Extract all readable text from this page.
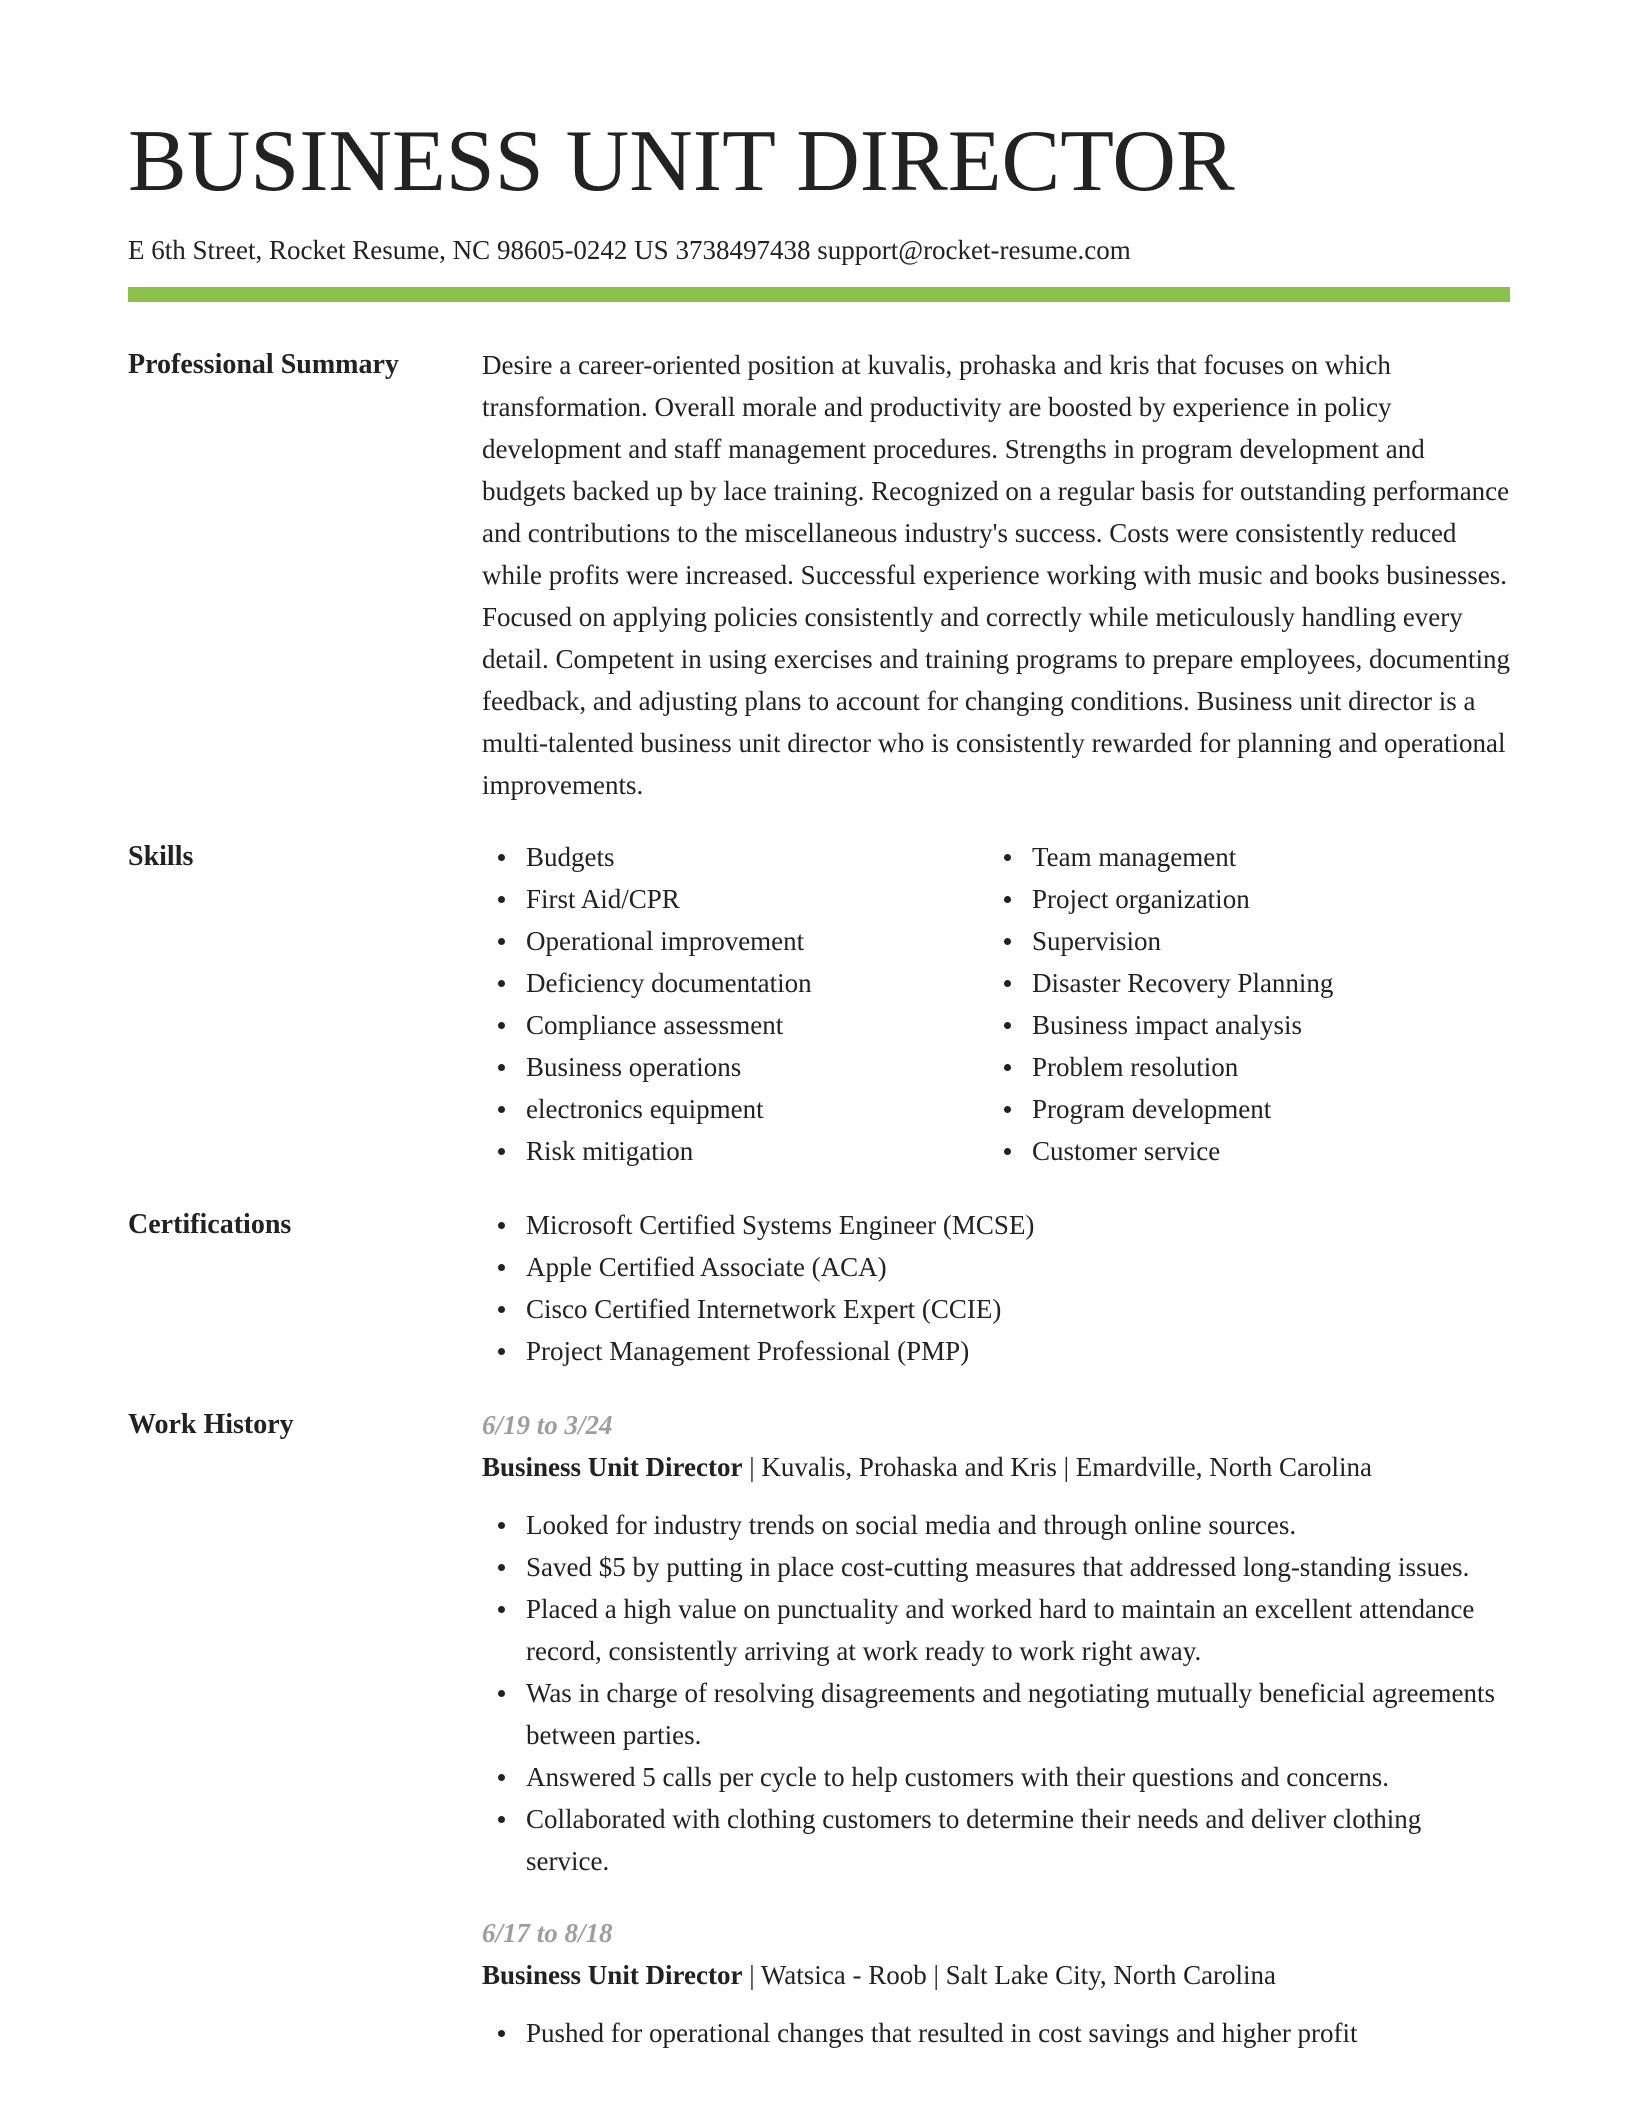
BUSINESS UNIT DIRECTOR
E 6th Street, Rocket Resume, NC 98605-0242 US 3738497438 support@rocket-resume.com
Professional Summary	Desire a career-oriented position at kuvalis, prohaska and kris that focuses on which transformation. Overall morale and productivity are boosted by experience in policy development and staff management procedures. Strengths in program development and budgets backed up by lace training. Recognized on a regular basis for outstanding performance and contributions to the miscellaneous industry's success. Costs were consistently reduced while profits were increased. Successful experience working with music and books businesses. Focused on applying policies consistently and correctly while meticulously handling every detail. Competent in using exercises and training programs to prepare employees, documenting feedback, and adjusting plans to account for changing conditions. Business unit director is a multi-talented business unit director who is consistently rewarded for planning and operational improvements.

Skills	Budgets
First Aid/CPR
Operational improvement
Deficiency documentation
Compliance assessment
Business operations
electronics equipment
Risk mitigation
Team management
Project organization
Supervision
Disaster Recovery Planning
Business impact analysis
Problem resolution
Program development
Customer service
Certifications	Microsoft Certified Systems Engineer (MCSE)
Apple Certified Associate (ACA)
Cisco Certified Internetwork Expert (CCIE)
Project Management Professional (PMP)
Work History	6/19 to 3/24
Business Unit Director | Kuvalis, Prohaska and Kris | Emardville, North Carolina
Looked for industry trends on social media and through online sources.
Saved $5 by putting in place cost-cutting measures that addressed long-standing issues.
Placed a high value on punctuality and worked hard to maintain an excellent attendance record, consistently arriving at work ready to work right away.
Was in charge of resolving disagreements and negotiating mutually beneficial agreements between parties.
Answered 5 calls per cycle to help customers with their questions and concerns.
Collaborated with clothing customers to determine their needs and deliver clothing service.
6/17 to 8/18
Business Unit Director | Watsica - Roob | Salt Lake City, North Carolina
Pushed for operational changes that resulted in cost savings and higher profit
